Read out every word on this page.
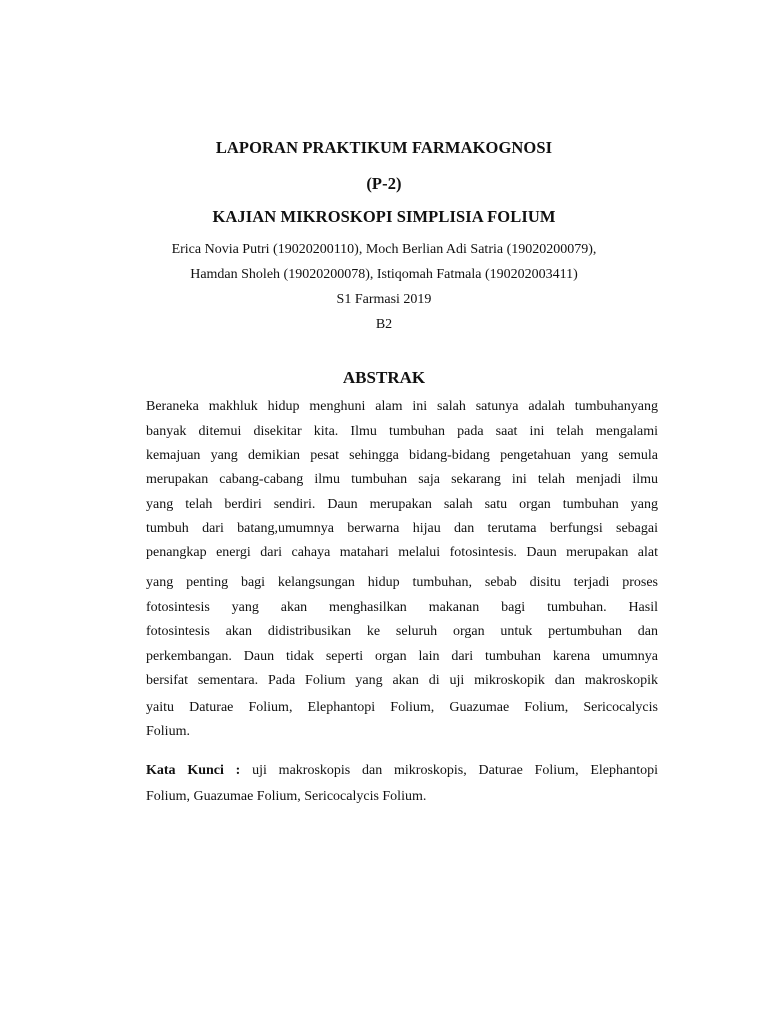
LAPORAN PRAKTIKUM FARMAKOGNOSI
(P-2)
KAJIAN MIKROSKOPI SIMPLISIA FOLIUM
Erica Novia Putri (19020200110), Moch Berlian Adi Satria (19020200079),
Hamdan Sholeh (19020200078), Istiqomah Fatmala (190202003411)
S1 Farmasi 2019
B2
ABSTRAK
Beraneka makhluk hidup menghuni alam ini salah satunya adalah tumbuhanyang
banyak ditemui disekitar kita. Ilmu tumbuhan pada saat ini telah mengalami
kemajuan yang demikian pesat sehingga bidang-bidang pengetahuan yang semula
merupakan cabang-cabang ilmu tumbuhan saja sekarang ini telah menjadi ilmu
yang telah berdiri sendiri. Daun merupakan salah satu organ tumbuhan yang
tumbuh dari batang,umumnya berwarna hijau dan terutama berfungsi sebagai
penangkap energi dari cahaya matahari melalui fotosintesis. Daun merupakan alat
yang penting bagi kelangsungan hidup tumbuhan, sebab disitu terjadi proses
fotosintesis yang akan menghasilkan makanan bagi tumbuhan. Hasil
fotosintesis akan didistribusikan ke seluruh organ untuk pertumbuhan dan
perkembangan. Daun tidak seperti organ lain dari tumbuhan karena umumnya
bersifat sementara. Pada Folium yang akan di uji mikroskopik dan makroskopik
yaitu Daturae Folium, Elephantopi Folium, Guazumae Folium, Sericocalycis
Folium.
Kata Kunci : uji makroskopis dan mikroskopis, Daturae Folium, Elephantopi
Folium, Guazumae Folium, Sericocalycis Folium.
